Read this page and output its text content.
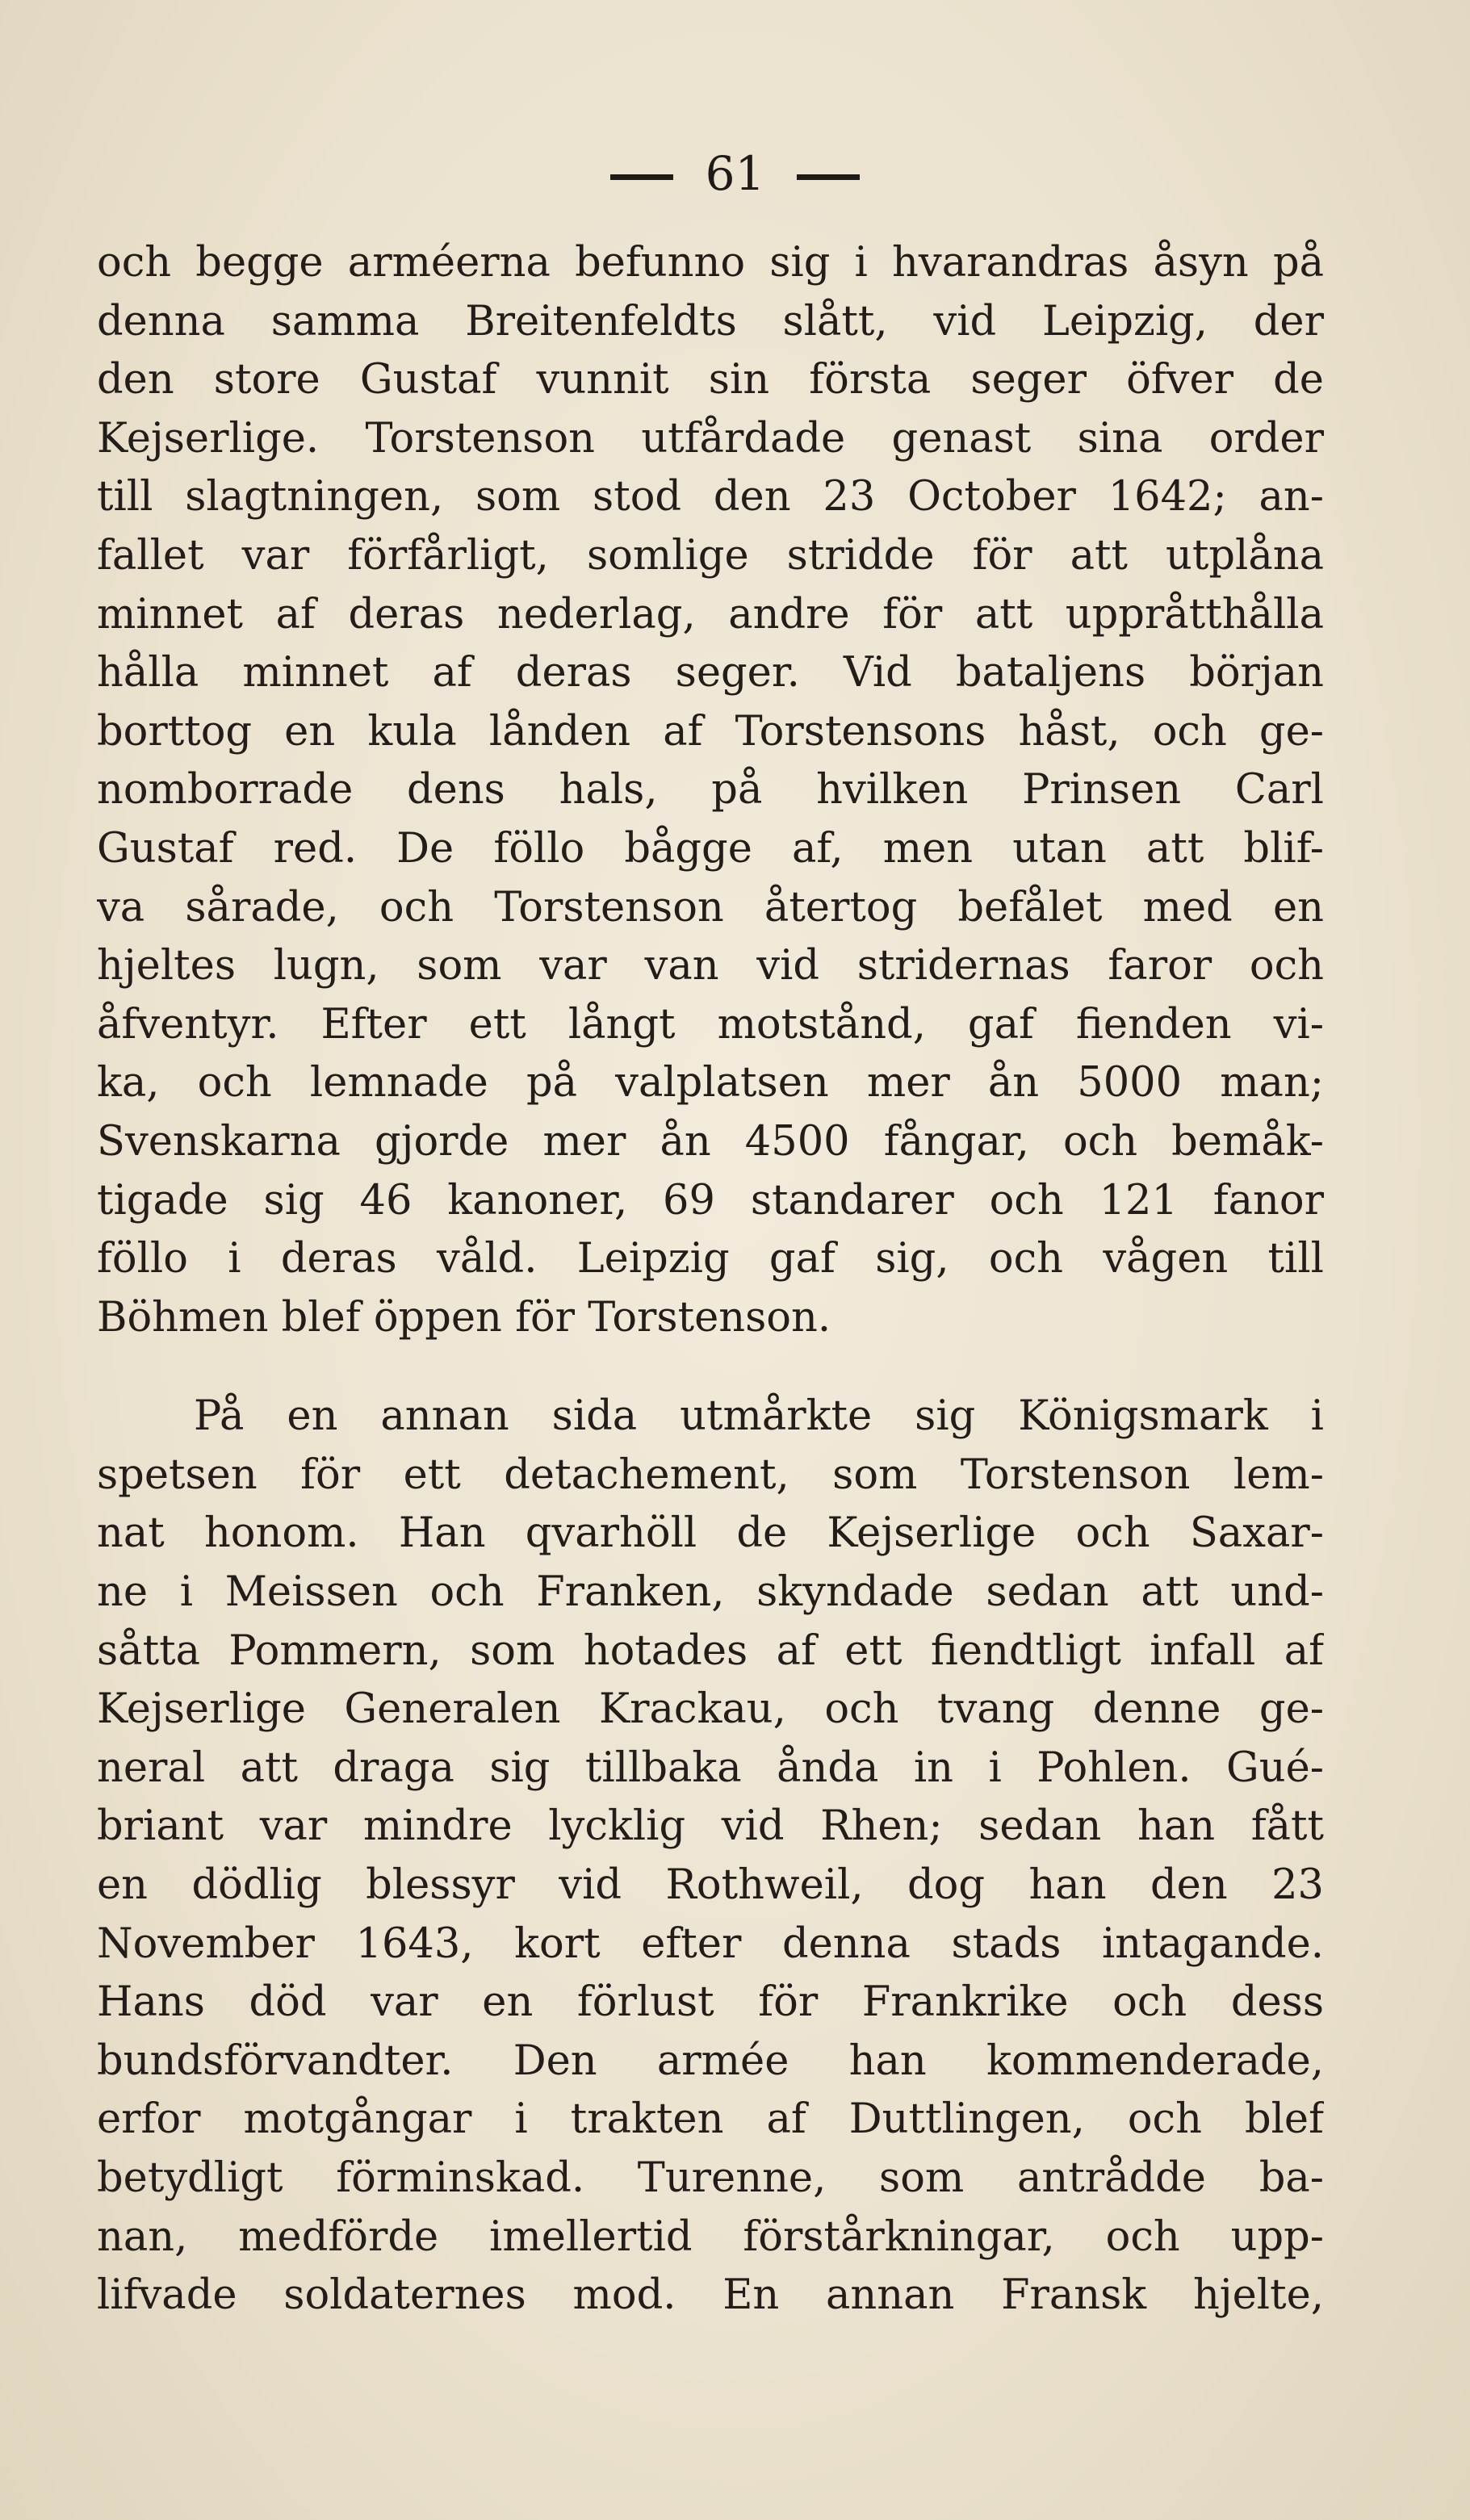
61
och begge arméerna befunno sig i hvarandras åsyn på
denna samma Breitenfeldts slått, vid Leipzig, der
den store Gustaf vunnit sin första seger öfver de
Kejserlige. Torstenson utfårdade genast sina order
till slagtningen, som stod den 23 October 1642; an-
fallet var förfårligt, somlige stridde för att utplåna
minnet af deras nederlag, andre för att uppråtthålla
hålla minnet af deras seger. Vid bataljens början
borttog en kula lånden af Torstensons håst, och ge-
nomborrade dens hals, på hvilken Prinsen Carl
Gustaf red. De föllo bågge af, men utan att blif-
va sårade, och Torstenson återtog befålet med en
hjeltes lugn, som var van vid stridernas faror och
åfventyr. Efter ett långt motstånd, gaf fienden vi-
ka, och lemnade på valplatsen mer ån 5000 man;
Svenskarna gjorde mer ån 4500 fångar, och bemåk-
tigade sig 46 kanoner, 69 standarer och 121 fanor
föllo i deras våld. Leipzig gaf sig, och vågen till
Böhmen blef öppen för Torstenson.
På en annan sida utmårkte sig Königsmark i
spetsen för ett detachement, som Torstenson lem-
nat honom. Han qvarhöll de Kejserlige och Saxar-
ne i Meissen och Franken, skyndade sedan att und-
såtta Pommern, som hotades af ett fiendtligt infall af
Kejserlige Generalen Krackau, och tvang denne ge-
neral att draga sig tillbaka ånda in i Pohlen. Gué-
briant var mindre lycklig vid Rhen; sedan han fått
en dödlig blessyr vid Rothweil, dog han den 23
November 1643, kort efter denna stads intagande.
Hans död var en förlust för Frankrike och dess
bundsförvandter. Den armée han kommenderade,
erfor motgångar i trakten af Duttlingen, och blef
betydligt förminskad. Turenne, som antrådde ba-
nan, medförde imellertid förstårkningar, och upp-
lifvade soldaternes mod. En annan Fransk hjelte,
